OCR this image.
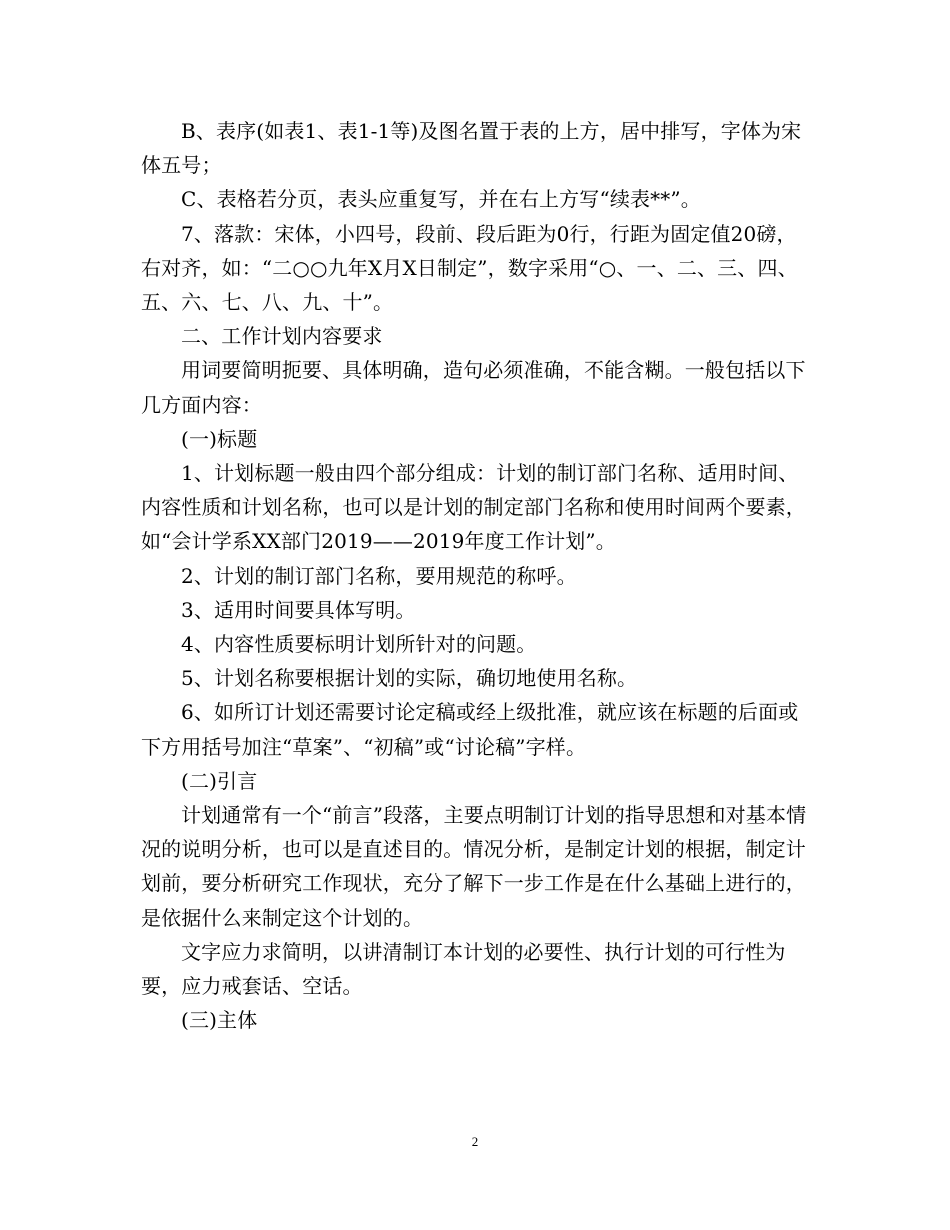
B、表序(如表1、表1-1等)及图名置于表的上方，居中排写，字体为宋体五号；

C、表格若分页，表头应重复写，并在右上方写“续表**”。

7、落款：宋体，小四号，段前、段后距为0行，行距为固定值20磅，右对齐，如：“二○○九年X月X日制定”，数字采用“○、一、二、三、四、五、六、七、八、九、十”。

二、工作计划内容要求

用词要简明扼要、具体明确，造句必须准确，不能含糊。一般包括以下几方面内容：

(一)标题

1、计划标题一般由四个部分组成：计划的制订部门名称、适用时间、内容性质和计划名称，也可以是计划的制定部门名称和使用时间两个要素，如“会计学系XX部门2019——2019年度工作计划”。

2、计划的制订部门名称，要用规范的称呼。

3、适用时间要具体写明。

4、内容性质要标明计划所针对的问题。

5、计划名称要根据计划的实际，确切地使用名称。

6、如所订计划还需要讨论定稿或经上级批准，就应该在标题的后面或下方用括号加注“草案”、“初稿”或“讨论稿”字样。

(二)引言

计划通常有一个“前言”段落，主要点明制订计划的指导思想和对基本情况的说明分析，也可以是直述目的。情况分析，是制定计划的根据，制定计划前，要分析研究工作现状，充分了解下一步工作是在什么基础上进行的，是依据什么来制定这个计划的。

文字应力求简明，以讲清制订本计划的必要性、执行计划的可行性为要，应力戒套话、空话。

(三)主体

2
